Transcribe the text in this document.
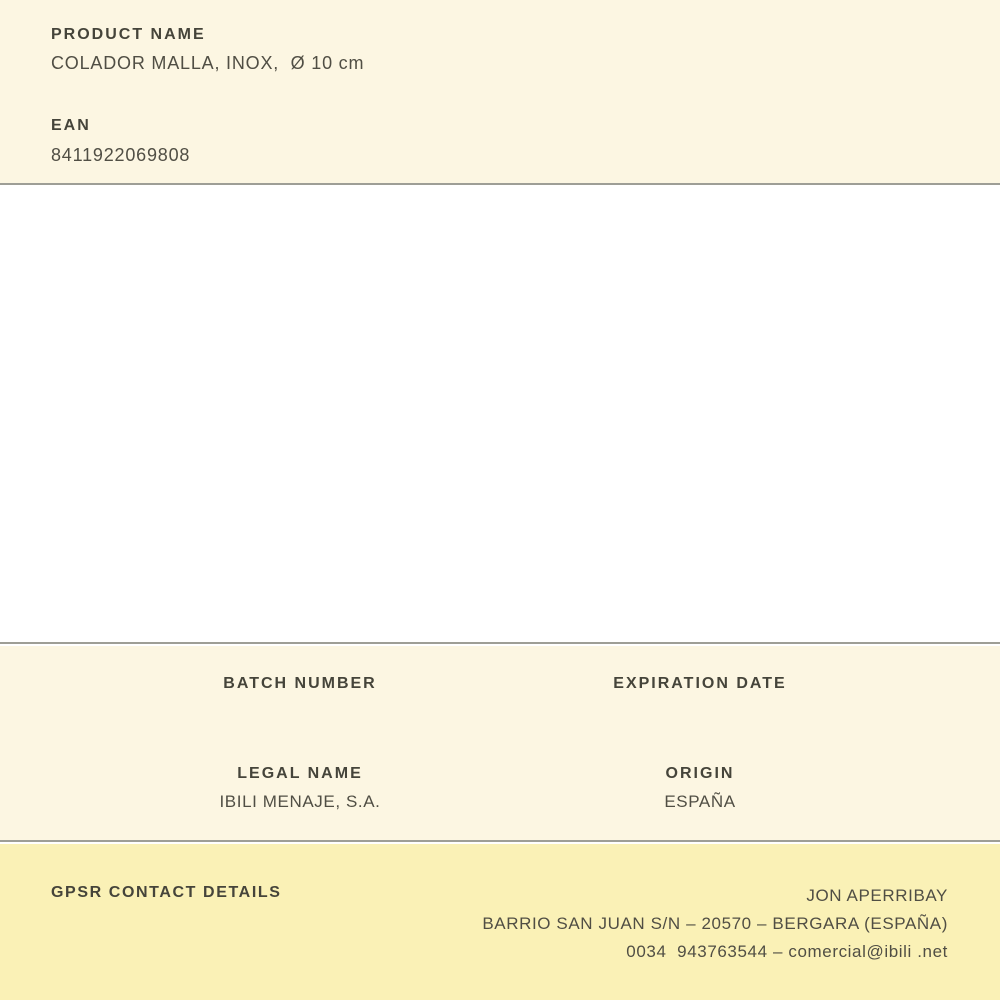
PRODUCT NAME
COLADOR MALLA, INOX,  Ø 10 cm
EAN
8411922069808
BATCH NUMBER	EXPIRATION DATE
LEGAL NAME
IBILI MENAJE, S.A.
ORIGIN
ESPAÑA
GPSR CONTACT DETAILS	JON APERRIBAY
BARRIO SAN JUAN S/N – 20570 – BERGARA (ESPAÑA)
0034  943763544 – comercial@ibili .net
